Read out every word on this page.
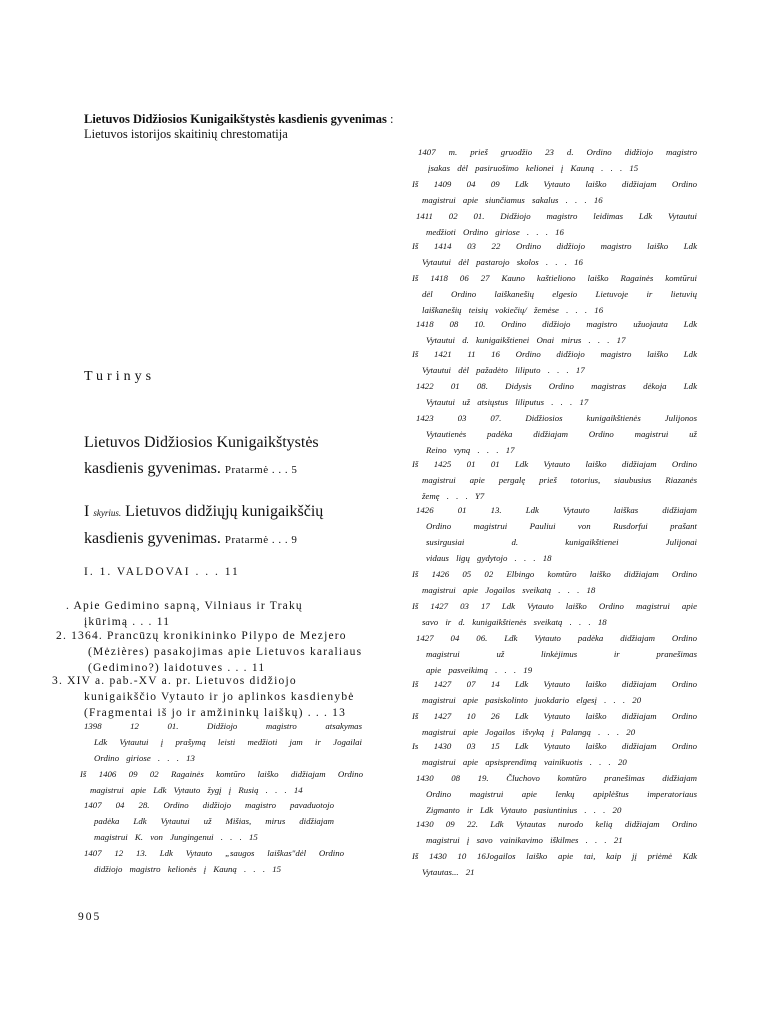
Lietuvos Didžiosios Kunigaikštystės kasdienis gyvenimas :
Lietuvos istorijos skaitinių chrestomatija
Turinys
Lietuvos Didžiosios Kunigaikštystės
kasdienis gyvenimas. Pratarmė . . . 5
I skyrius. Lietuvos didžiųjų kunigaikščių
kasdienis gyvenimas. Pratarmė . . . 9
I. 1. VALDOVAI . . . 11
. Apie Gedimino sapną, Vilniaus ir Trakų
įkūrimą . . . 11
2. 1364. Prancūzų kronikininko Pilypo de Mezjero
(Mėzières) pasakojimas apie Lietuvos karaliaus
(Gedimino?) laidotuves . . . 11
3. XIV a. pab.-XV a. pr. Lietuvos didžiojo
kunigaikščio Vytauto ir jo aplinkos kasdienybė
(Fragmentai iš jo ir amžininkų laiškų) . . . 13
1398 12 01. Didžiojo magistro atsakymas
Ldk Vytautui į prašymą leisti medžioti jam ir Jogailai
Ordino giriose . . . 13
Iš 1406 09 02 Ragainės komtūro laiško didžiajam Ordino
magistrui apie Ldk Vytauto žygį į Rusią . . . 14
1407 04 28. Ordino didžiojo magistro pavaduotojo
padėka Ldk Vytautui už Mišias, mirus didžiajam
magistrui K. von Jungingenui . . . 15
1407 12 13. Ldk Vytauto „saugos laiškas"dėl Ordino
didžiojo magistro kelionės į Kauną . . . 15
1407 m. prieš gruodžio 23 d. Ordino didžiojo magistro
įsakas dėl pasiruošimo kelionei į Kauną . . . 15
Iš 1409 04 09 Ldk Vytauto laiško didžiajam Ordino
magistrui apie siunčiamus sakalus . . . 16
1411 02 01. Didžiojo magistro leidimas Ldk Vytautui
medžioti Ordino giriose . . . 16
Iš 1414 03 22 Ordino didžiojo magistro laiško Ldk
Vytautui dėl pastarojo skolos . . . 16
Iš 1418 06 27 Kauno kaštieliono laiško Ragainės komtūrui
dėl Ordino laiškanešių elgesio Lietuvoje ir lietuvių
laiškanešių teisių vokiečių/ žemėse . . . 16
1418 08 10. Ordino didžiojo magistro užuojauta Ldk
Vytautui d. kunigaikštienei Onai mirus . . . 17
Iš 1421 11 16 Ordino didžiojo magistro laiško Ldk
Vytautui dėl pažadėto liliputo . . . 17
1422 01 08. Didysis Ordino magistras dėkoja Ldk
Vytautui už atsiųstus liliputus . . . 17
1423 03 07. Didžiosios kunigaikštienės Julijonos
Vytautienės padėka didžiajam Ordino magistrui už
Reino vyną . . . 17
Iš 1425 01 01 Ldk Vytauto laiško didžiajam Ordino
magistrui apie pergalę prieš totorius, siaubusius Riazanės
žemę . . . Y7
1426 01 13. Ldk Vytauto laiškas didžiajam
Ordino magistrui Pauliui von Rusdorfui prašant
susirgusiai d. kunigaikštienei Julijonai
vidaus ligų gydytojo . . . 18
Iš 1426 05 02 Elbingo komtūro laiško didžiajam Ordino
magistrui apie Jogailos sveikatą . . . 18
Iš 1427 03 17 Ldk Vytauto laiško Ordino magistrui apie
savo ir d. kunigaikštienės sveikatą . . . 18
1427 04 06. Ldk Vytauto padėka didžiajam Ordino
magistrui už linkėjimus ir pranešimas
apie pasveikimą . . . 19
Iš 1427 07 14 Ldk Vytauto laiško didžiajam Ordino
magistrui apie pasiskolinto juokdario elgesį . . . 20
Iš 1427 10 26 Ldk Vytauto laiško didžiajam Ordino
magistrui apie Jogailos išvyką į Palangą . . . 20
Is 1430 03 15 Ldk Vytauto laiško didžiajam Ordino
magistrui apie apsisprendimą vainikuotis . . . 20
1430 08 19. Čluchovo komtūro pranešimas didžiajam
Ordino magistrui apie lenkų apiplėštus imperatoriaus
Zigmanto ir Ldk Vytauto pasiuntinius . . . 20
1430 09 22. Ldk Vytautas nurodo kelią didžiajam Ordino
magistrui į savo vainikavimo iškilmes . . . 21
Iš 1430 10 16Jogailos laiško apie tai, kaip jį priėmė Kdk
Vytautas... 21
905
